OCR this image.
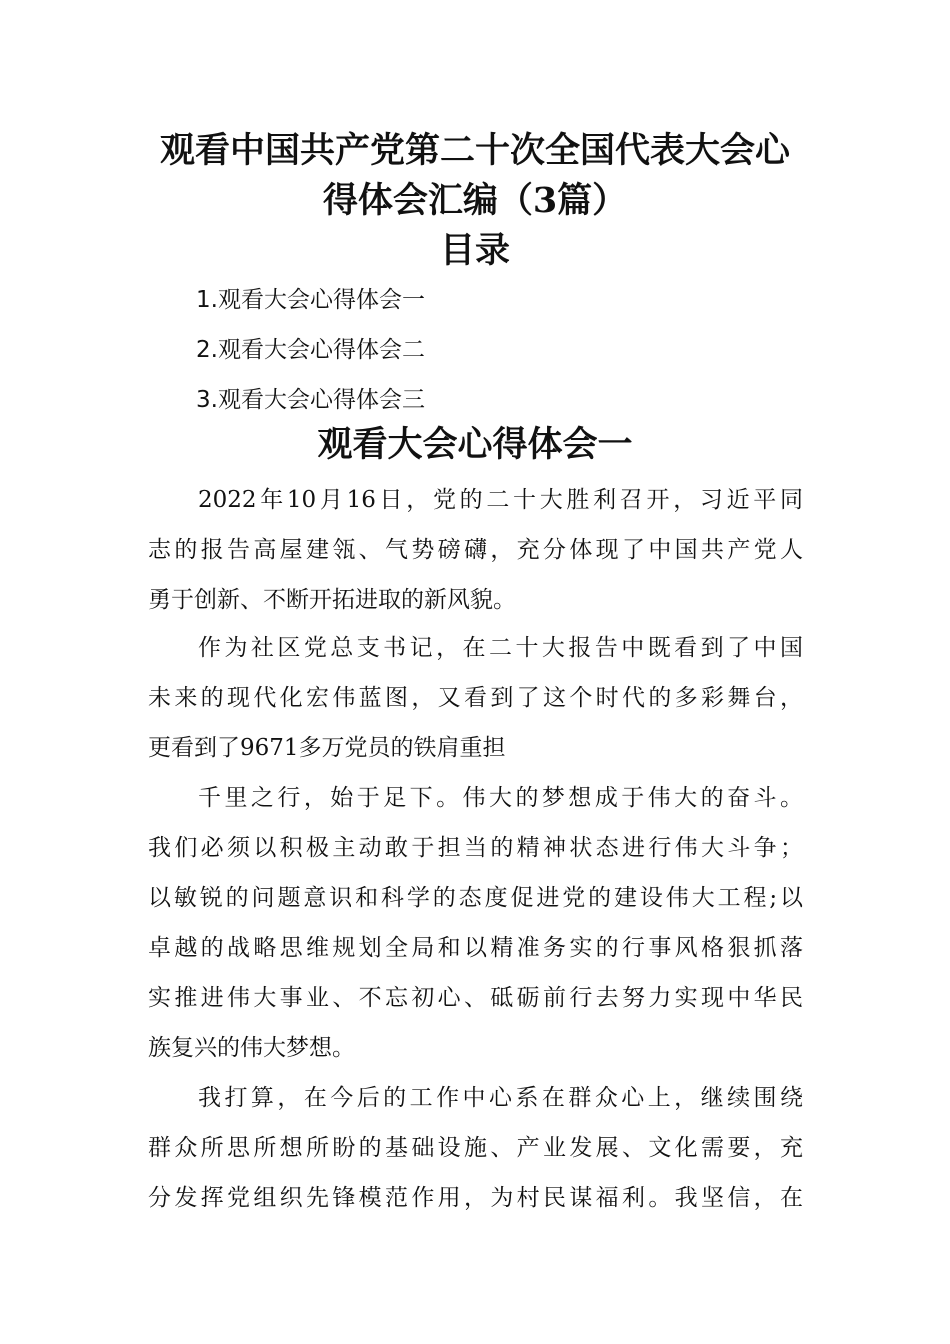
观看中国共产党第二十次全国代表大会心
得体会汇编（3篇）
目录
1.观看大会心得体会一
2.观看大会心得体会二
3.观看大会心得体会三
观看大会心得体会一

2022年10月16日，党的二十大胜利召开，习近平同

志的报告高屋建瓴、气势磅礴，充分体现了中国共产党人

勇于创新、不断开拓进取的新风貌。

作为社区党总支书记，在二十大报告中既看到了中国

未来的现代化宏伟蓝图，又看到了这个时代的多彩舞台，

更看到了9671多万党员的铁肩重担

千里之行，始于足下。伟大的梦想成于伟大的奋斗。

我们必须以积极主动敢于担当的精神状态进行伟大斗争；

以敏锐的问题意识和科学的态度促进党的建设伟大工程;以

卓越的战略思维规划全局和以精准务实的行事风格狠抓落

实推进伟大事业、不忘初心、砥砺前行去努力实现中华民

族复兴的伟大梦想。

我打算，在今后的工作中心系在群众心上，继续围绕

群众所思所想所盼的基础设施、产业发展、文化需要，充

分发挥党组织先锋模范作用，为村民谋福利。我坚信，在
